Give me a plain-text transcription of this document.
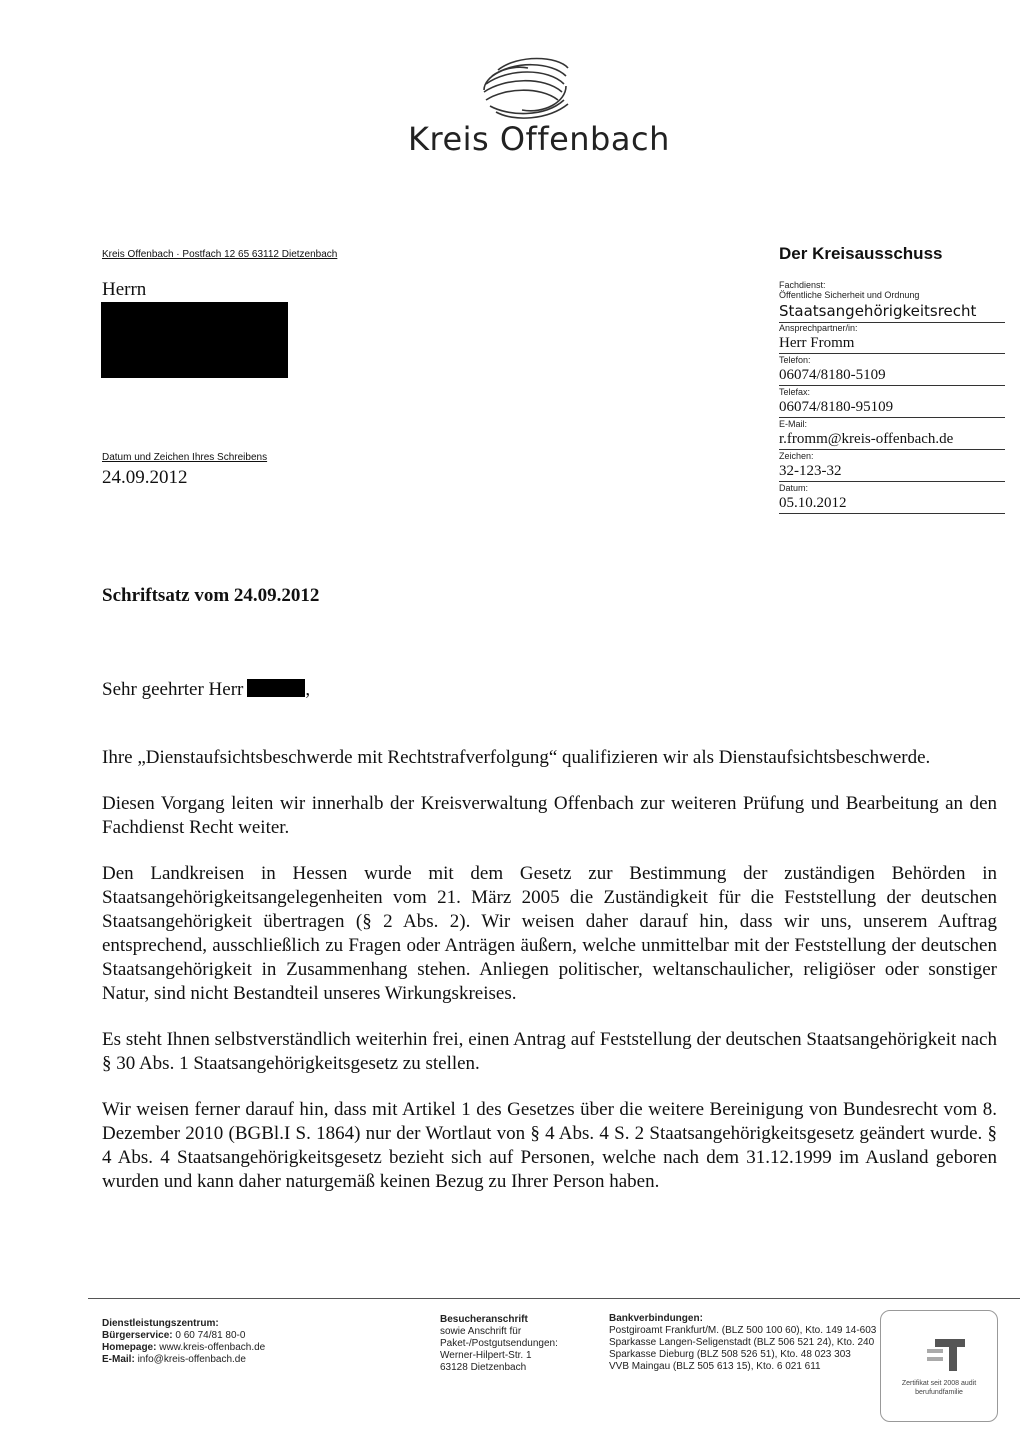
Kreis Offenbach
Kreis Offenbach · Postfach 12 65 63112 Dietzenbach
Herrn
Datum und Zeichen Ihres Schreibens
24.09.2012
Der Kreisausschuss
Fachdienst:
Öffentliche Sicherheit und Ordnung
Staatsangehörigkeitsrecht
Ansprechpartner/in:
Herr Fromm
Telefon:
06074/8180-5109
Telefax:
06074/8180-95109
E-Mail:
r.fromm@kreis-offenbach.de
Zeichen:
32-123-32
Datum:
05.10.2012
Schriftsatz vom 24.09.2012
Sehr geehrter Herr	,

Ihre „Dienstaufsichtsbeschwerde mit Rechtstrafverfolgung“ qualifizieren wir als Dienstaufsichtsbeschwerde.

Diesen Vorgang leiten wir innerhalb der Kreisverwaltung Offenbach zur weiteren Prüfung und Bearbeitung an den Fachdienst Recht weiter.

Den Landkreisen in Hessen wurde mit dem Gesetz zur Bestimmung der zuständigen Behörden in Staatsangehörigkeitsangelegenheiten vom 21. März 2005 die Zuständigkeit für die Feststellung der deutschen Staatsangehörigkeit übertragen (§ 2 Abs. 2). Wir weisen daher darauf hin, dass wir uns, unserem Auftrag entsprechend, ausschließlich zu Fragen oder Anträgen äußern, welche unmittelbar mit der Feststellung der deutschen Staatsangehörigkeit in Zusammenhang stehen. Anliegen politischer, weltanschaulicher, religiöser oder sonstiger Natur, sind nicht Bestandteil unseres Wirkungskreises.

Es steht Ihnen selbstverständlich weiterhin frei, einen Antrag auf Feststellung der deutschen Staatsangehörigkeit nach § 30 Abs. 1 Staatsangehörigkeitsgesetz zu stellen.

Wir weisen ferner darauf hin, dass mit Artikel 1 des Gesetzes über die weitere Bereinigung von Bundesrecht vom 8. Dezember 2010 (BGBl.I S. 1864) nur der Wortlaut von § 4 Abs. 4 S. 2 Staatsangehörigkeitsgesetz geändert wurde. § 4 Abs. 4 Staatsangehörigkeitsgesetz bezieht sich auf Personen, welche nach dem 31.12.1999 im Ausland geboren wurden und kann daher naturgemäß keinen Bezug zu Ihrer Person haben.

Dienstleistungszentrum:
Bürgerservice: 0 60 74/81 80-0
Homepage: www.kreis-offenbach.de
E-Mail: info@kreis-offenbach.de
Besucheranschrift
sowie Anschrift für
Paket-/Postgutsendungen:
Werner-Hilpert-Str. 1
63128 Dietzenbach
Bankverbindungen:
Postgiroamt Frankfurt/M. (BLZ 500 100 60), Kto. 149 14-603
Sparkasse Langen-Seligenstadt (BLZ 506 521 24), Kto. 240
Sparkasse Dieburg (BLZ 508 526 51), Kto. 48 023 303
VVB Maingau (BLZ 505 613 15), Kto. 6 021 611
Zertifikat seit 2008 audit berufundfamilie
